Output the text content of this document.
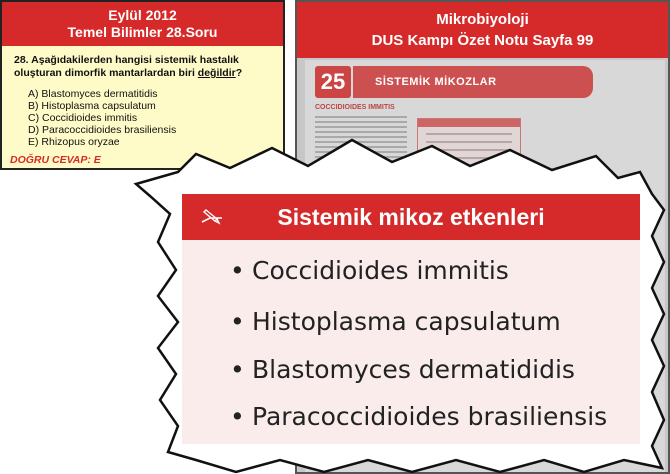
Eylül 2012
Temel Bilimler 28.Soru
28. Aşağıdakilerden hangisi sistemik hastalık oluşturan dimorfik mantarlardan biri değildir?
A) Blastomyces dermatitidis
B) Histoplasma capsulatum
C) Coccidioides immitis
D) Paracoccidioides brasiliensis
E) Rhizopus oryzae
DOĞRU CEVAP: E
Mikrobiyoloji
DUS Kampı Özet Notu Sayfa 99
25	SİSTEMİK MİKOZLAR
COCCIDIOIDES IMMITIS
Sistemik mikoz etkenleri
• Coccidioides immitis
• Histoplasma capsulatum
• Blastomyces dermatididis
• Paracoccidioides brasiliensis
